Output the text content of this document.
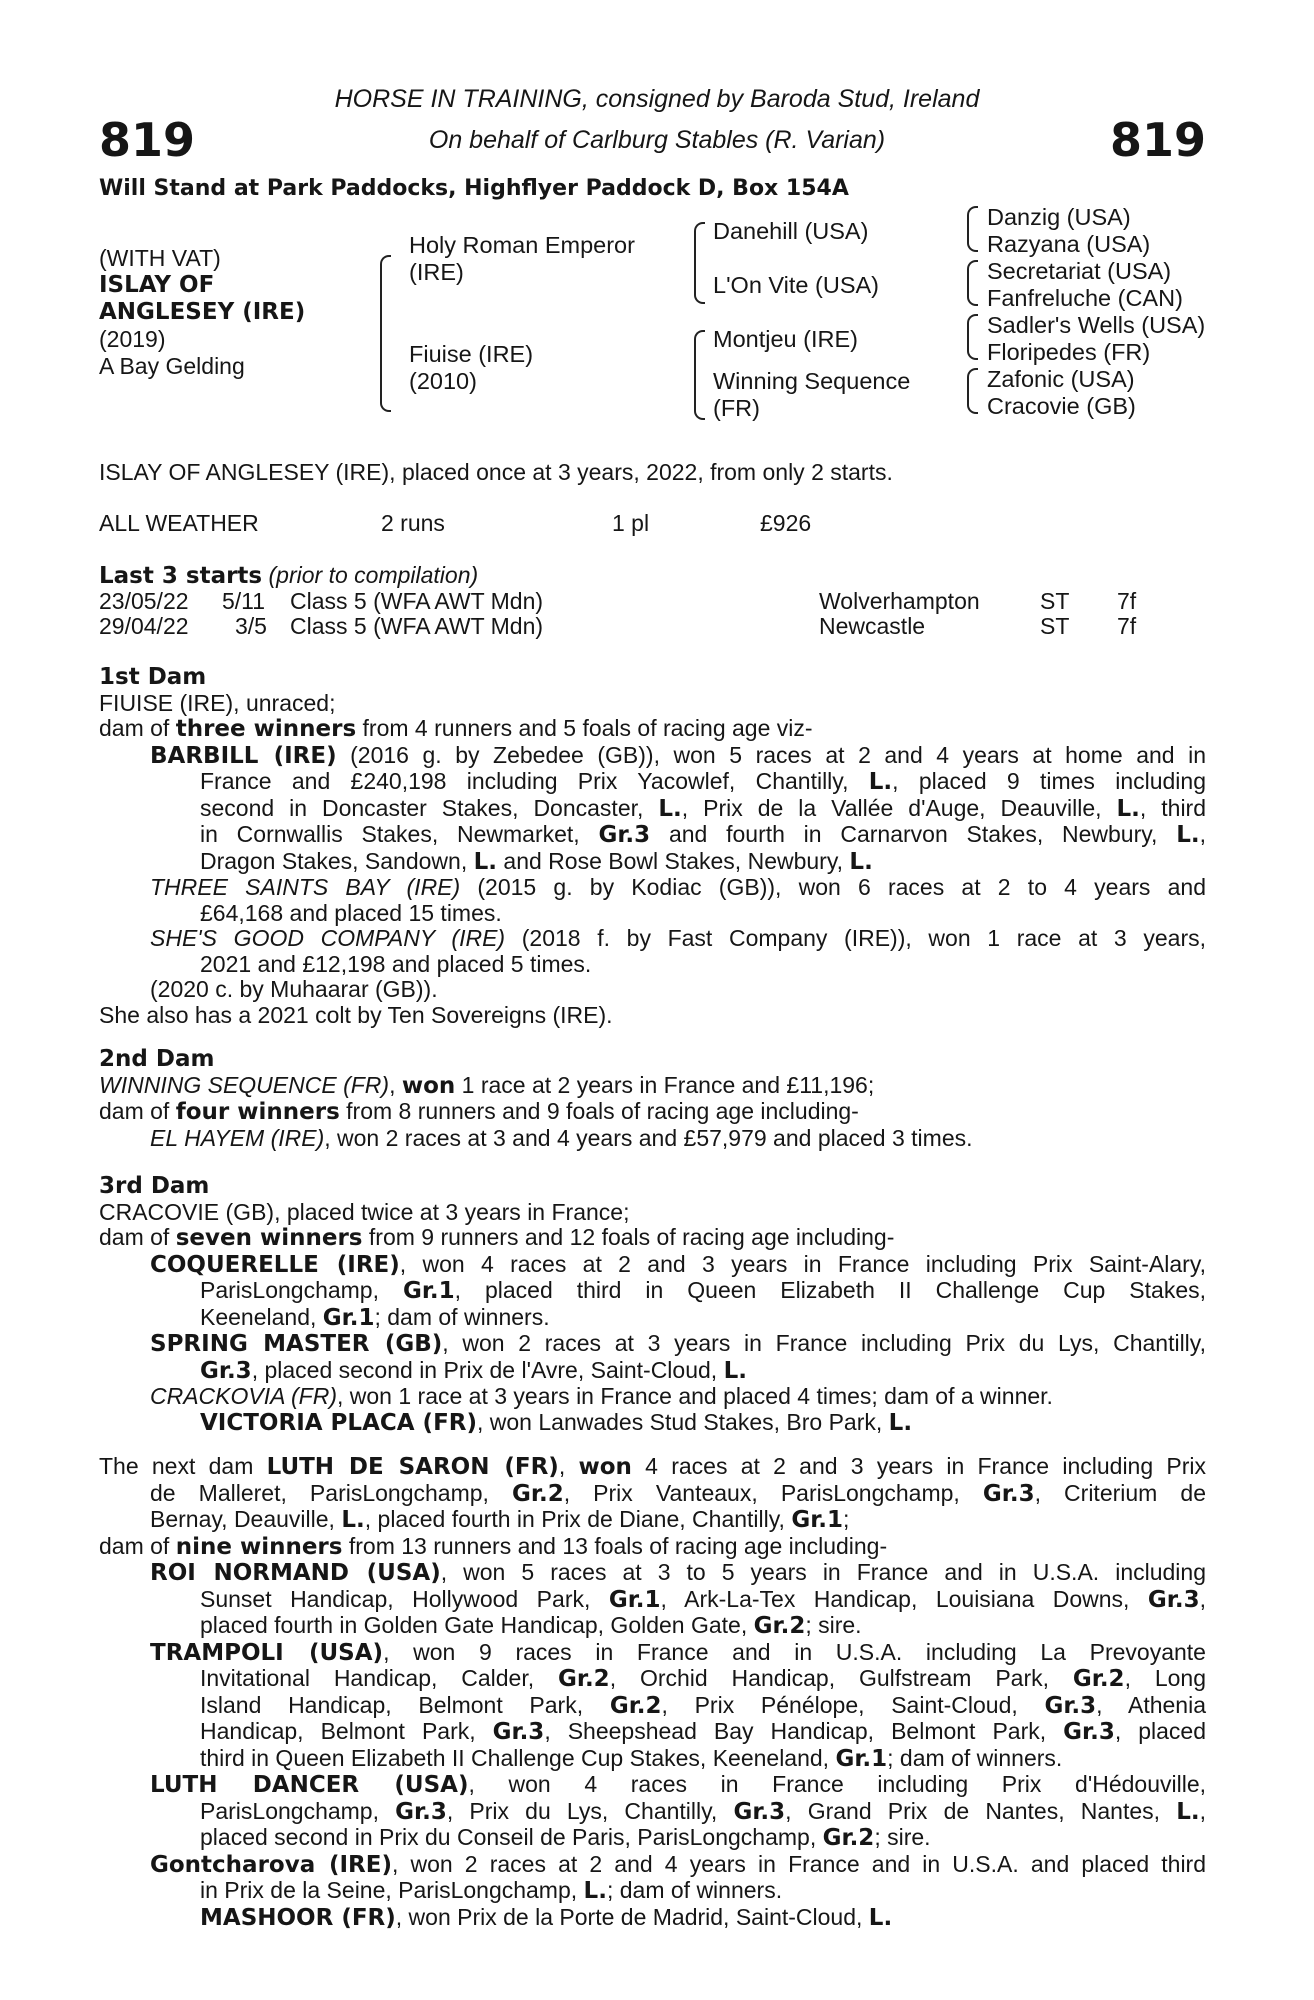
819	819
HORSE IN TRAINING, consigned by Baroda Stud, Ireland
On behalf of Carlburg Stables (R. Varian)
Will Stand at Park Paddocks, Highflyer Paddock D, Box 154A
(WITH VAT)
ISLAY OF
ANGLESEY (IRE)
(2019)
A Bay Gelding
Holy Roman Emperor
(IRE)
Fiuise (IRE)
(2010)
Danehill (USA)
L'On Vite (USA)
Montjeu (IRE)
Winning Sequence
(FR)
Danzig (USA)
Razyana (USA)
Secretariat (USA)
Fanfreluche (CAN)
Sadler's Wells (USA)
Floripedes (FR)
Zafonic (USA)
Cracovie (GB)
ISLAY OF ANGLESEY (IRE), placed once at 3 years, 2022, from only 2 starts.
ALL WEATHER	2 runs	1 pl	£926
Last 3 starts (prior to compilation)
23/05/22 5/11 Class 5 (WFA AWT Mdn)	Wolverhampton	ST 7f
29/04/22 3/5 Class 5 (WFA AWT Mdn)	Newcastle	ST 7f
1st Dam
FIUISE (IRE), unraced;
dam of three winners from 4 runners and 5 foals of racing age viz-
BARBILL (IRE) (2016 g. by Zebedee (GB)), won 5 races at 2 and 4 years at home and in
France and £240,198 including Prix Yacowlef, Chantilly, L., placed 9 times including
second in Doncaster Stakes, Doncaster, L., Prix de la Vallée d'Auge, Deauville, L., third
in Cornwallis Stakes, Newmarket, Gr.3 and fourth in Carnarvon Stakes, Newbury, L.,
Dragon Stakes, Sandown, L. and Rose Bowl Stakes, Newbury, L.
THREE SAINTS BAY (IRE) (2015 g. by Kodiac (GB)), won 6 races at 2 to 4 years and
£64,168 and placed 15 times.
SHE'S GOOD COMPANY (IRE) (2018 f. by Fast Company (IRE)), won 1 race at 3 years,
2021 and £12,198 and placed 5 times.
(2020 c. by Muhaarar (GB)).
She also has a 2021 colt by Ten Sovereigns (IRE).
2nd Dam
WINNING SEQUENCE (FR), won 1 race at 2 years in France and £11,196;
dam of four winners from 8 runners and 9 foals of racing age including-
EL HAYEM (IRE), won 2 races at 3 and 4 years and £57,979 and placed 3 times.
3rd Dam
CRACOVIE (GB), placed twice at 3 years in France;
dam of seven winners from 9 runners and 12 foals of racing age including-
COQUERELLE (IRE), won 4 races at 2 and 3 years in France including Prix Saint-Alary,
ParisLongchamp, Gr.1, placed third in Queen Elizabeth II Challenge Cup Stakes,
Keeneland, Gr.1; dam of winners.
SPRING MASTER (GB), won 2 races at 3 years in France including Prix du Lys, Chantilly,
Gr.3, placed second in Prix de l'Avre, Saint-Cloud, L.
CRACKOVIA (FR), won 1 race at 3 years in France and placed 4 times; dam of a winner.
VICTORIA PLACA (FR), won Lanwades Stud Stakes, Bro Park, L.
The next dam LUTH DE SARON (FR), won 4 races at 2 and 3 years in France including Prix
de Malleret, ParisLongchamp, Gr.2, Prix Vanteaux, ParisLongchamp, Gr.3, Criterium de
Bernay, Deauville, L., placed fourth in Prix de Diane, Chantilly, Gr.1;
dam of nine winners from 13 runners and 13 foals of racing age including-
ROI NORMAND (USA), won 5 races at 3 to 5 years in France and in U.S.A. including
Sunset Handicap, Hollywood Park, Gr.1, Ark-La-Tex Handicap, Louisiana Downs, Gr.3,
placed fourth in Golden Gate Handicap, Golden Gate, Gr.2; sire.
TRAMPOLI (USA), won 9 races in France and in U.S.A. including La Prevoyante
Invitational Handicap, Calder, Gr.2, Orchid Handicap, Gulfstream Park, Gr.2, Long
Island Handicap, Belmont Park, Gr.2, Prix Pénélope, Saint-Cloud, Gr.3, Athenia
Handicap, Belmont Park, Gr.3, Sheepshead Bay Handicap, Belmont Park, Gr.3, placed
third in Queen Elizabeth II Challenge Cup Stakes, Keeneland, Gr.1; dam of winners.
LUTH DANCER (USA), won 4 races in France including Prix d'Hédouville,
ParisLongchamp, Gr.3, Prix du Lys, Chantilly, Gr.3, Grand Prix de Nantes, Nantes, L.,
placed second in Prix du Conseil de Paris, ParisLongchamp, Gr.2; sire.
Gontcharova (IRE), won 2 races at 2 and 4 years in France and in U.S.A. and placed third
in Prix de la Seine, ParisLongchamp, L.; dam of winners.
MASHOOR (FR), won Prix de la Porte de Madrid, Saint-Cloud, L.
